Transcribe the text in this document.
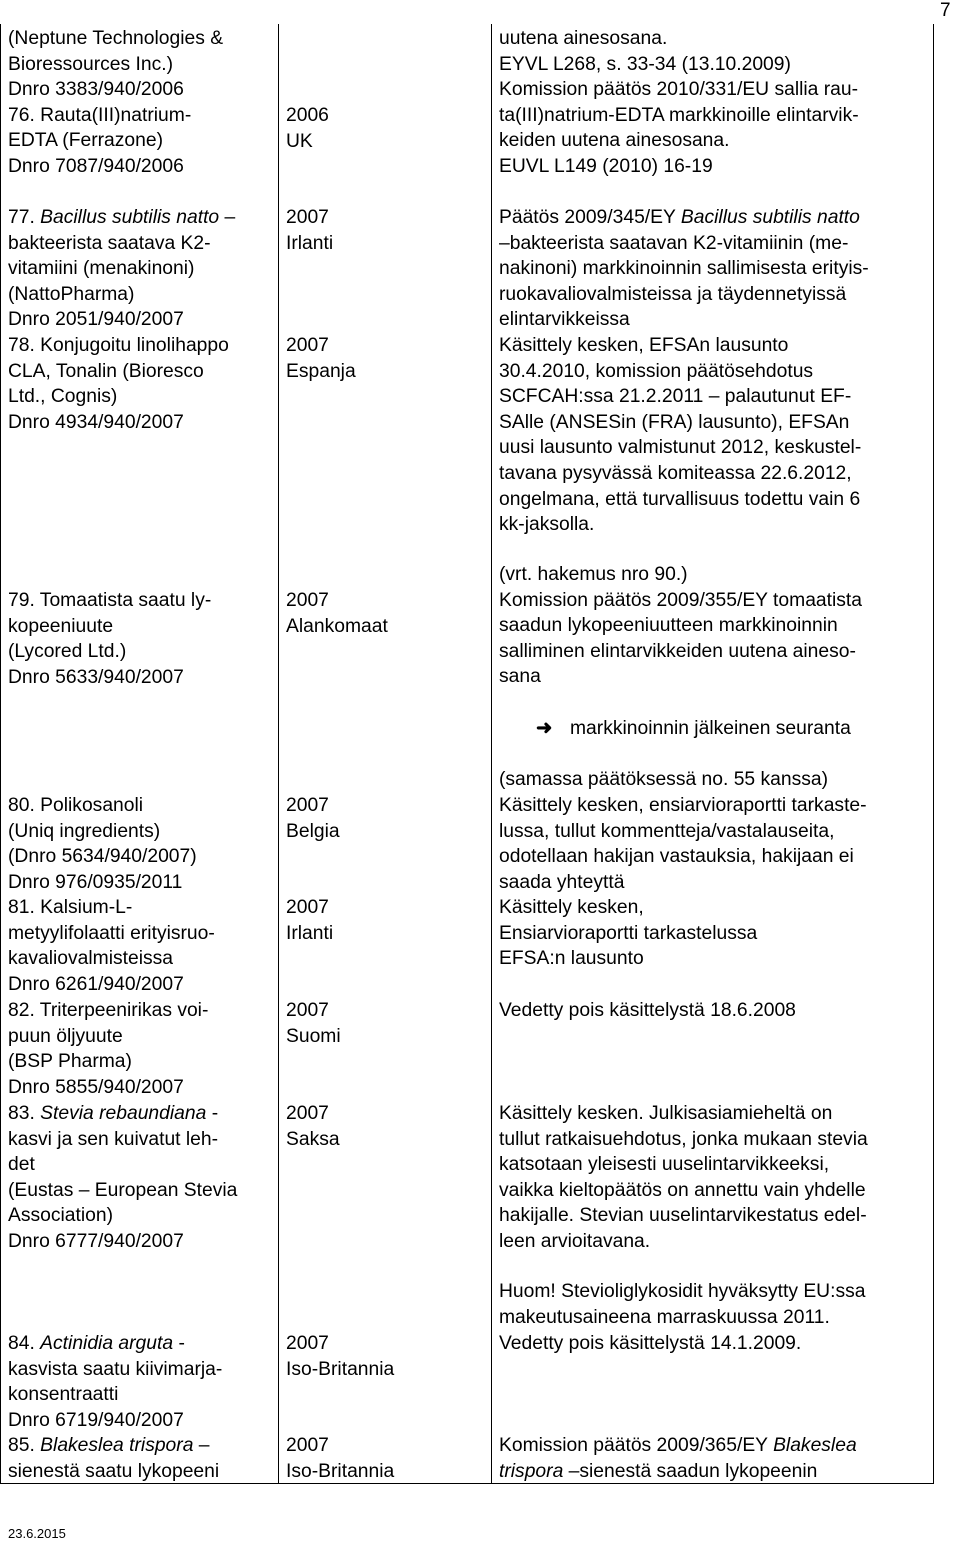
7
(Neptune Technologies &
Bioressources Inc.)
Dnro 3383/940/2006
76. Rauta(III)natrium-
EDTA (Ferrazone)
Dnro 7087/940/2006
2006
UK
uutena ainesosana.
EYVL L268, s. 33-34 (13.10.2009)
Komission päätös 2010/331/EU sallia rau-
ta(III)natrium-EDTA markkinoille elintarvik-
keiden uutena ainesosana.
EUVL L149 (2010) 16-19
77. Bacillus subtilis natto –
bakteerista saatava K2-
vitamiini (menakinoni)
(NattoPharma)
Dnro 2051/940/2007
2007
Irlanti
Päätös 2009/345/EY Bacillus subtilis natto
–bakteerista saatavan K2-vitamiinin (me-
nakinoni) markkinoinnin sallimisesta erityis-
ruokavaliovalmisteissa ja täydennetyissä
elintarvikkeissa
78. Konjugoitu linolihappo
CLA, Tonalin (Bioresco
Ltd., Cognis)
Dnro 4934/940/2007
2007
Espanja
Käsittely kesken, EFSAn lausunto
30.4.2010, komission päätösehdotus
SCFCAH:ssa 21.2.2011 – palautunut EF-
SAlle (ANSESin (FRA) lausunto), EFSAn
uusi lausunto valmistunut 2012, keskustel-
tavana pysyvässä komiteassa 22.6.2012,
ongelmana, että turvallisuus todettu vain 6
kk-jaksolla.
79. Tomaatista saatu ly-
kopeeniuute
(Lycored Ltd.)
Dnro 5633/940/2007
2007
Alankomaat
(vrt. hakemus nro 90.)
Komission päätös 2009/355/EY tomaatista
saadun lykopeeniuutteen markkinoinnin
salliminen elintarvikkeiden uutena aineso-
sana
➜ markkinoinnin jälkeinen seuranta
(samassa päätöksessä no. 55 kanssa)
80. Polikosanoli
(Uniq ingredients)
(Dnro 5634/940/2007)
Dnro 976/0935/2011
2007
Belgia
Käsittely kesken, ensiarvioraportti tarkaste-
lussa, tullut kommentteja/vastalauseita,
odotellaan hakijan vastauksia, hakijaan ei
saada yhteyttä
81. Kalsium-L-
metyylifolaatti erityisruo-
kavaliovalmisteissa
Dnro 6261/940/2007
2007
Irlanti
Käsittely kesken,
Ensiarvioraportti tarkastelussa
EFSA:n lausunto
82. Triterpeenirikas voi-
puun öljyuute
(BSP Pharma)
Dnro 5855/940/2007
2007
Suomi
Vedetty pois käsittelystä 18.6.2008
83. Stevia rebaundiana -
kasvi ja sen kuivatut leh-
det
(Eustas – European Stevia
Association)
Dnro 6777/940/2007
2007
Saksa
Käsittely kesken. Julkisasiamieheltä on
tullut ratkaisuehdotus, jonka mukaan stevia
katsotaan yleisesti uuselintarvikkeeksi,
vaikka kieltopäätös on annettu vain yhdelle
hakijalle. Stevian uuselintarvikestatus edel-
leen arvioitavana.
Huom! Stevioliglykosidit hyväksytty EU:ssa
makeutusaineena marraskuussa 2011.
84. Actinidia arguta -
kasvista saatu kiivimarja-
konsentraatti
Dnro 6719/940/2007
2007
Iso-Britannia
Vedetty pois käsittelystä 14.1.2009.
85. Blakeslea trispora –
sienestä saatu lykopeeni
2007
Iso-Britannia
Komission päätös 2009/365/EY Blakeslea
trispora –sienestä saadun lykopeenin
23.6.2015
